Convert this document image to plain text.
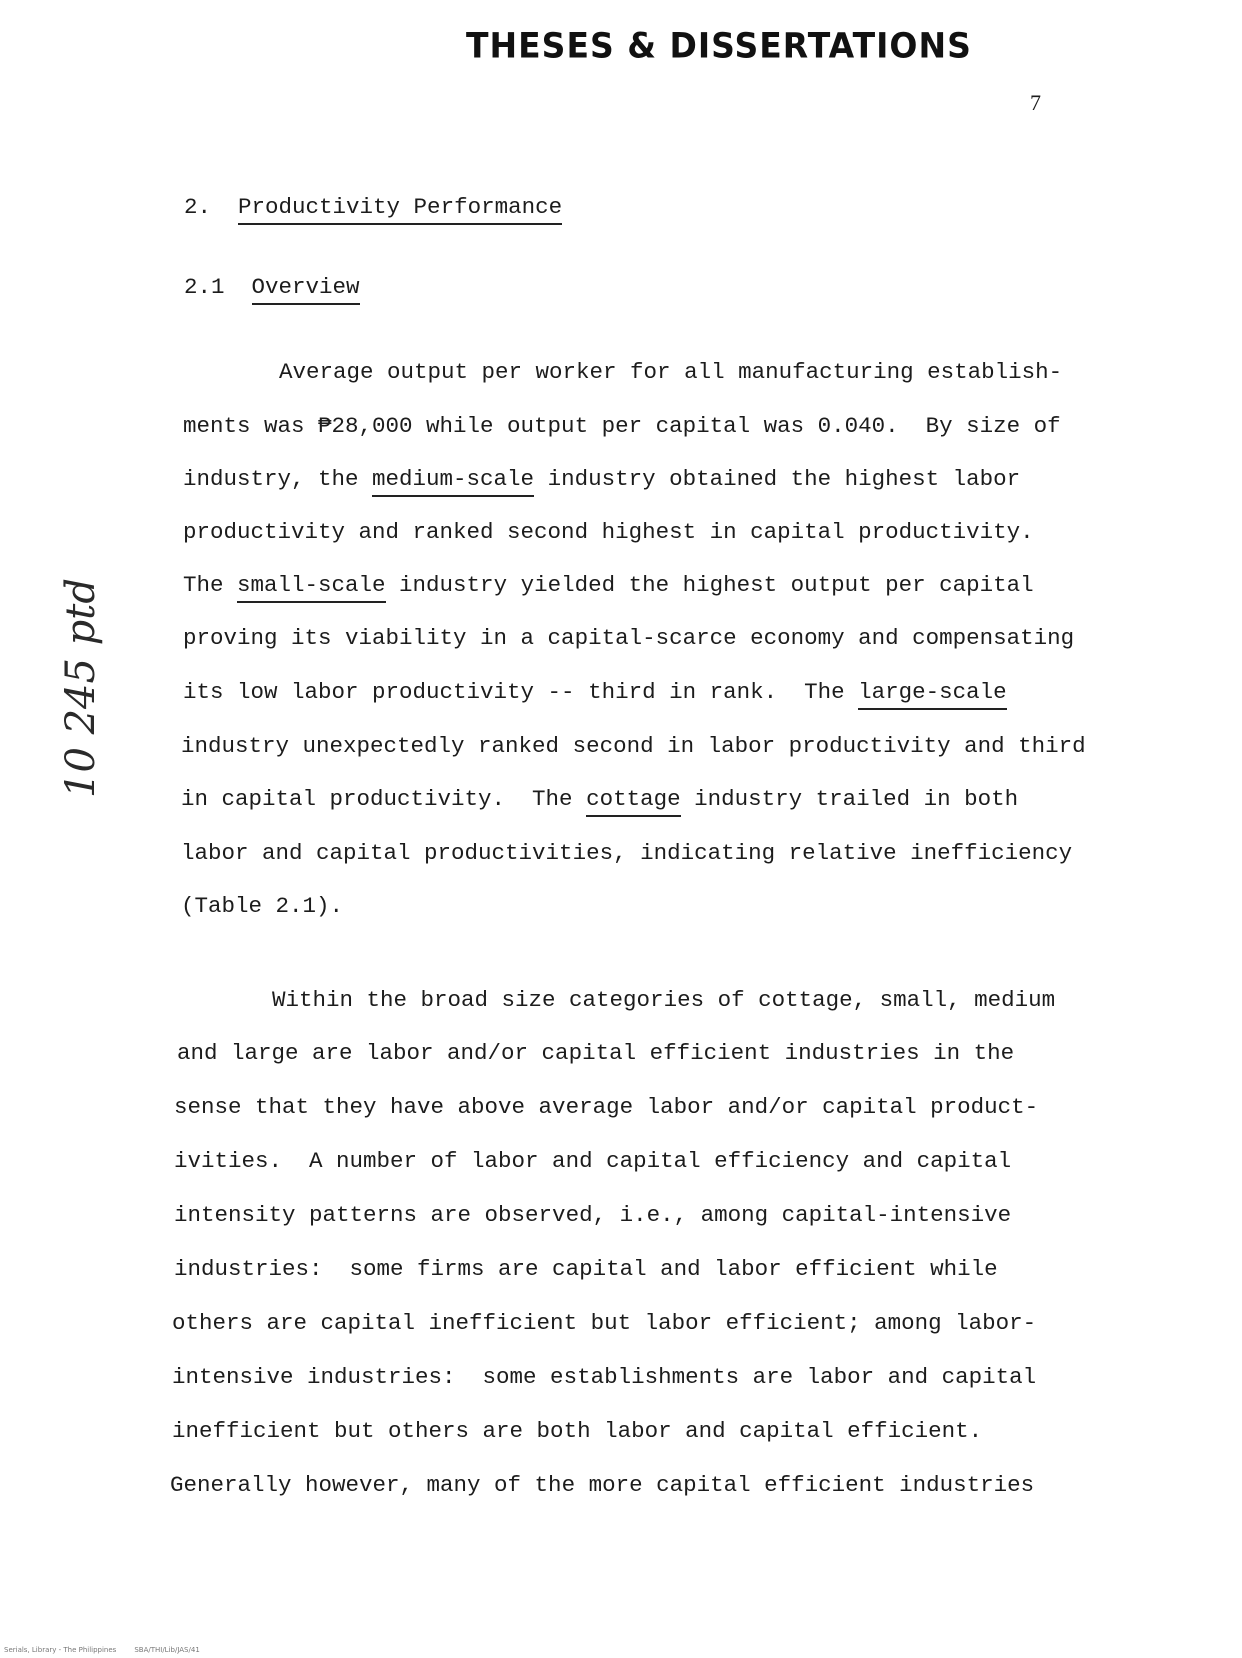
THESES & DISSERTATIONS
7
2. Productivity Performance
2.1 Overview
Average output per worker for all manufacturing establish-
ments was ₱28,000 while output per capital was 0.040.  By size of
industry, the medium-scale industry obtained the highest labor
productivity and ranked second highest in capital productivity.
The small-scale industry yielded the highest output per capital
proving its viability in a capital-scarce economy and compensating
its low labor productivity -- third in rank.  The large-scale
industry unexpectedly ranked second in labor productivity and third
in capital productivity.  The cottage industry trailed in both
labor and capital productivities, indicating relative inefficiency
(Table 2.1).
Within the broad size categories of cottage, small, medium
and large are labor and/or capital efficient industries in the
sense that they have above average labor and/or capital product-
ivities.  A number of labor and capital efficiency and capital
intensity patterns are observed, i.e., among capital-intensive
industries:  some firms are capital and labor efficient while
others are capital inefficient but labor efficient; among labor-
intensive industries:  some establishments are labor and capital
inefficient but others are both labor and capital efficient.
Generally however, many of the more capital efficient industries
10 245 ptd
Serials, Library - The Philippines	SBA/THI/Lib/JAS/41
